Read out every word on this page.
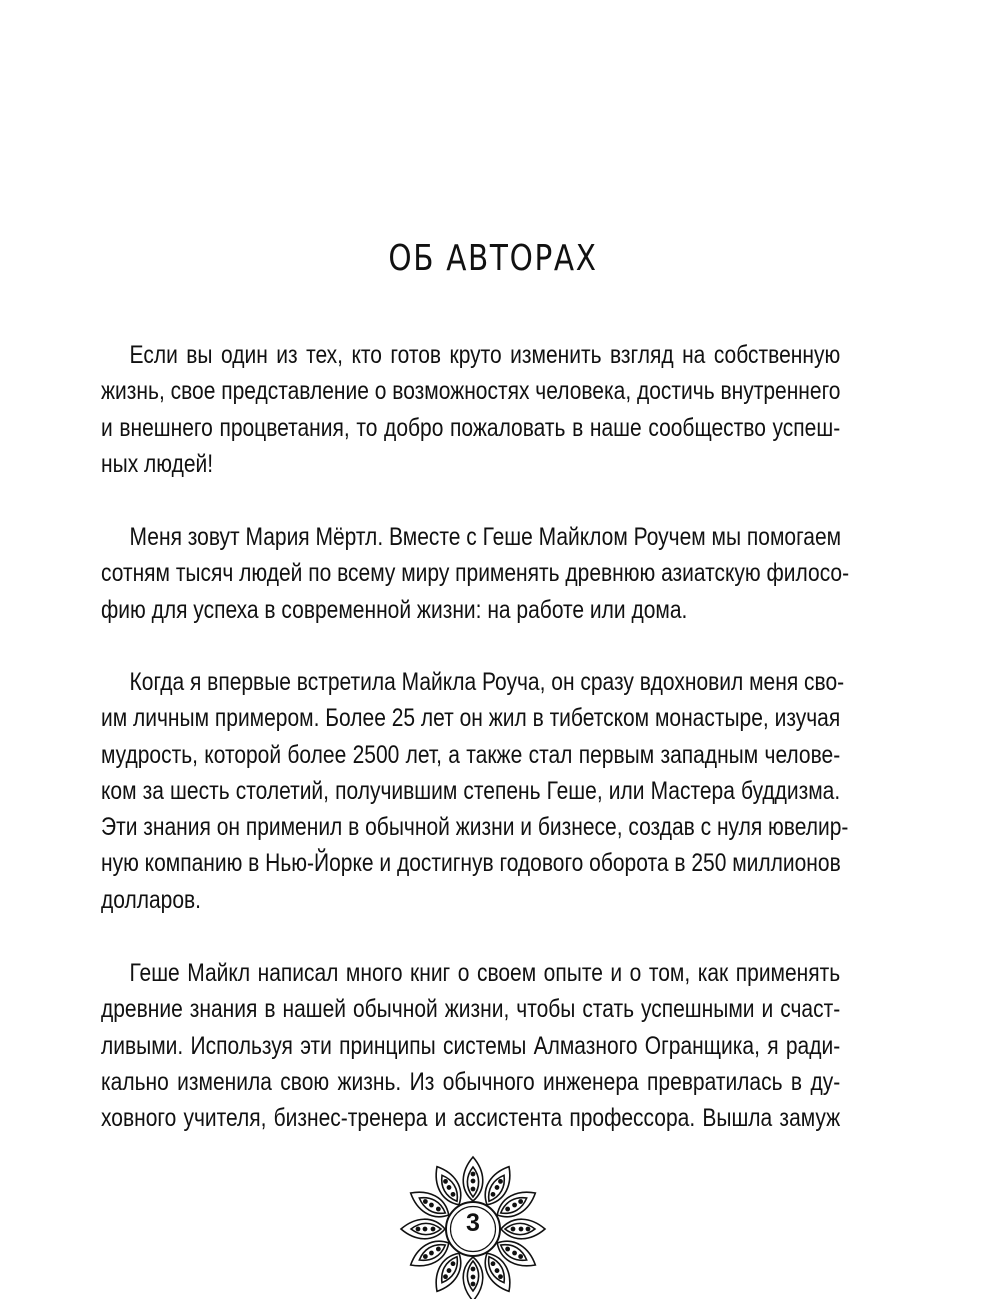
ОБ АВТОРАХ
Если вы один из тех, кто готов круто изменить взгляд на собственную
жизнь, свое представление о возможностях человека, достичь внутреннего
и внешнего процветания, то добро пожаловать в наше сообщество успеш-
ных людей!
Меня зовут Мария Мёртл. Вместе с Геше Майклом Роучем мы помогаем
сотням тысяч людей по всему миру применять древнюю азиатскую филосо-
фию для успеха в современной жизни: на работе или дома.
Когда я впервые встретила Майкла Роуча, он сразу вдохновил меня сво-
им личным примером. Более 25 лет он жил в тибетском монастыре, изучая
мудрость, которой более 2500 лет, а также стал первым западным челове-
ком за шесть столетий, получившим степень Геше, или Мастера буддизма.
Эти знания он применил в обычной жизни и бизнесе, создав с нуля ювелир-
ную компанию в Нью-Йорке и достигнув годового оборота в 250 миллионов
долларов.
Геше Майкл написал много книг о своем опыте и о том, как применять
древние знания в нашей обычной жизни, чтобы стать успешными и счаст-
ливыми. Используя эти принципы системы Алмазного Огранщика, я ради-
кально изменила свою жизнь. Из обычного инженера превратилась в ду-
ховного учителя, бизнес-тренера и ассистента профессора. Вышла замуж
3
